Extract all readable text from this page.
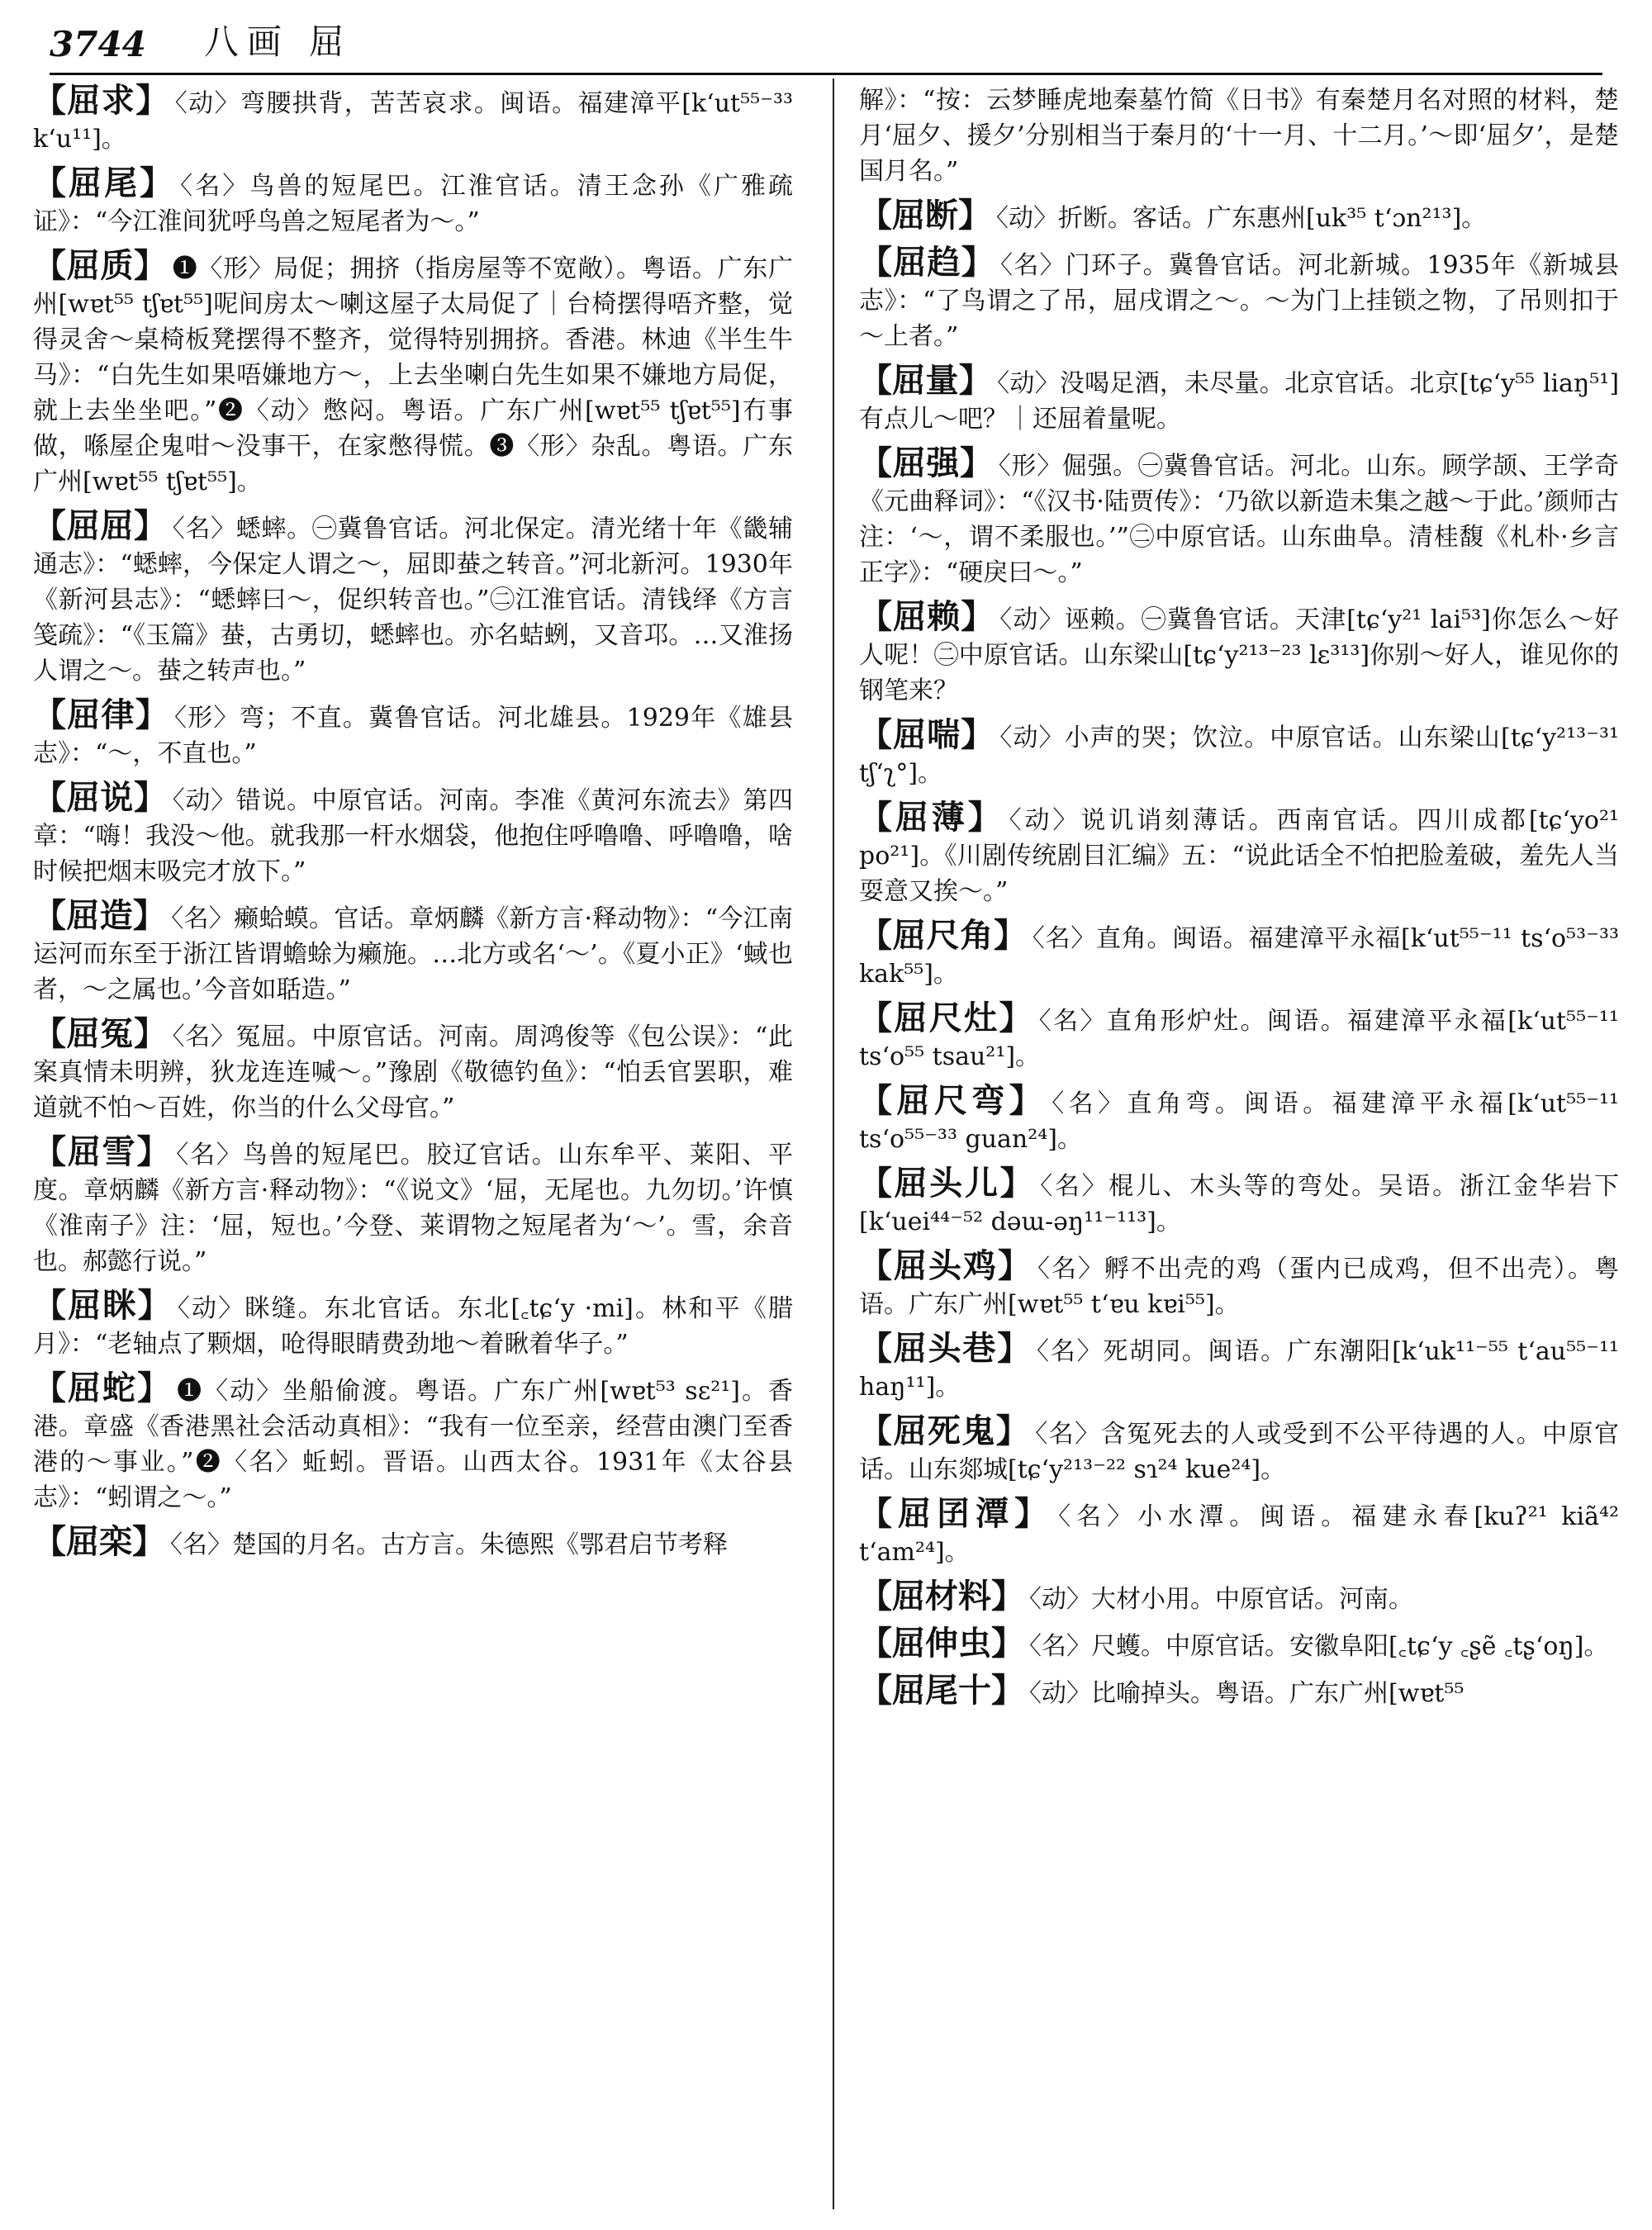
3744 八画 屈
【屈求】 〈动〉弯腰拱背，苦苦哀求。闽语。福建漳平[kʻut⁵⁵⁻³³ kʻu¹¹]。
【屈尾】 〈名〉鸟兽的短尾巴。江淮官话。清王念孙《广雅疏证》：“今江淮间犹呼鸟兽之短尾者为～。”
【屈质】 ❶〈形〉局促；拥挤（指房屋等不宽敞）。粤语。广东广州[wɐt⁵⁵ tʃɐt⁵⁵]呢间房太～喇这屋子太局促了｜台椅摆得唔齐整，觉得灵舍～桌椅板凳摆得不整齐，觉得特别拥挤。香港。林迪《半生牛马》：“白先生如果唔嫌地方～，上去坐喇白先生如果不嫌地方局促，就上去坐坐吧。”❷〈动〉憋闷。粤语。广东广州[wɐt⁵⁵ tʃɐt⁵⁵]冇事做，喺屋企鬼咁～没事干，在家憋得慌。❸〈形〉杂乱。粤语。广东广州[wɐt⁵⁵ tʃɐt⁵⁵]。
【屈屈】 〈名〉蟋蟀。㊀冀鲁官话。河北保定。清光绪十年《畿辅通志》：“蟋蟀，今保定人谓之～，屈即蛬之转音。”河北新河。1930年《新河县志》：“蟋蟀曰～，促织转音也。”㊁江淮官话。清钱绎《方言笺疏》：“《玉篇》蛬，古勇切，蟋蟀也。亦名蛣蛚，又音邛。…又淮扬人谓之～。蛬之转声也。”
【屈律】 〈形〉弯；不直。冀鲁官话。河北雄县。1929年《雄县志》：“～，不直也。”
【屈说】 〈动〉错说。中原官话。河南。李准《黄河东流去》第四章：“嗨！我没～他。就我那一杆水烟袋，他抱住呼噜噜、呼噜噜，啥时候把烟末吸完才放下。”
【屈造】 〈名〉癞蛤蟆。官话。章炳麟《新方言·释动物》：“今江南运河而东至于浙江皆谓蟾蜍为癞施。…北方或名‘～’。《夏小正》‘蜮也者，～之属也。’今音如聒造。”
【屈冤】 〈名〉冤屈。中原官话。河南。周鸿俊等《包公误》：“此案真情未明辨，狄龙连连喊～。”豫剧《敬德钓鱼》：“怕丢官罢职，难道就不怕～百姓，你当的什么父母官。”
【屈雪】 〈名〉鸟兽的短尾巴。胶辽官话。山东牟平、莱阳、平度。章炳麟《新方言·释动物》：“《说文》‘屈，无尾也。九勿切。’许慎《淮南子》注：‘屈，短也。’今登、莱谓物之短尾者为‘～’。雪，余音也。郝懿行说。”
【屈眯】 〈动〉眯缝。东北官话。东北[꜀tɕʻy ·mi]。林和平《腊月》：“老轴点了颗烟，呛得眼睛费劲地～着瞅着华子。”
【屈蛇】 ❶〈动〉坐船偷渡。粤语。广东广州[wɐt⁵³ sɛ²¹]。香港。章盛《香港黑社会活动真相》：“我有一位至亲，经营由澳门至香港的～事业。”❷〈名〉蚯蚓。晋语。山西太谷。1931年《太谷县志》：“蚓谓之～。”
【屈栾】 〈名〉楚国的月名。古方言。朱德熙《鄂君启节考释
解》：“按：云梦睡虎地秦墓竹简《日书》有秦楚月名对照的材料，楚月‘屈夕、援夕’分别相当于秦月的‘十一月、十二月。’～即‘屈夕’，是楚国月名。”
【屈断】 〈动〉折断。客话。广东惠州[uk³⁵ tʻɔn²¹³]。
【屈趋】 〈名〉门环子。冀鲁官话。河北新城。1935年《新城县志》：“了鸟谓之了吊，屈戌谓之～。～为门上挂锁之物，了吊则扣于～上者。”
【屈量】 〈动〉没喝足酒，未尽量。北京官话。北京[tɕʻy⁵⁵ liaŋ⁵¹]有点儿～吧？｜还屈着量呢。
【屈强】 〈形〉倔强。㊀冀鲁官话。河北。山东。顾学颉、王学奇《元曲释词》：“《汉书·陆贾传》：‘乃欲以新造未集之越～于此。’颜师古注：‘～，谓不柔服也。’”㊁中原官话。山东曲阜。清桂馥《札朴·乡言正字》：“硬戾曰～。”
【屈赖】 〈动〉诬赖。㊀冀鲁官话。天津[tɕʻy²¹ lai⁵³]你怎么～好人呢！㊁中原官话。山东梁山[tɕʻy²¹³⁻²³ lɛ³¹³]你别～好人，谁见你的钢笔来？
【屈喘】 〈动〉小声的哭；饮泣。中原官话。山东梁山[tɕʻy²¹³⁻³¹ tʃʻʅ°]。
【屈薄】 〈动〉说讥诮刻薄话。西南官话。四川成都[tɕʻyo²¹ po²¹]。《川剧传统剧目汇编》五：“说此话全不怕把脸羞破，羞先人当耍意又挨～。”
【屈尺角】 〈名〉直角。闽语。福建漳平永福[kʻut⁵⁵⁻¹¹ tsʻo⁵³⁻³³ kak⁵⁵]。
【屈尺灶】 〈名〉直角形炉灶。闽语。福建漳平永福[kʻut⁵⁵⁻¹¹ tsʻo⁵⁵ tsau²¹]。
【屈尺弯】 〈名〉直角弯。闽语。福建漳平永福[kʻut⁵⁵⁻¹¹ tsʻo⁵⁵⁻³³ guan²⁴]。
【屈头儿】 〈名〉棍儿、木头等的弯处。吴语。浙江金华岩下[kʻuei⁴⁴⁻⁵² dəɯ-əŋ¹¹⁻¹¹³]。
【屈头鸡】 〈名〉孵不出壳的鸡（蛋内已成鸡，但不出壳）。粤语。广东广州[wɐt⁵⁵ tʻɐu kɐi⁵⁵]。
【屈头巷】 〈名〉死胡同。闽语。广东潮阳[kʻuk¹¹⁻⁵⁵ tʻau⁵⁵⁻¹¹ haŋ¹¹]。
【屈死鬼】 〈名〉含冤死去的人或受到不公平待遇的人。中原官话。山东郯城[tɕʻy²¹³⁻²² sɿ²⁴ kue²⁴]。
【屈囝潭】 〈名〉小水潭。闽语。福建永春[kuʔ²¹ kiã⁴² tʻam²⁴]。
【屈材料】 〈动〉大材小用。中原官话。河南。
【屈伸虫】 〈名〉尺蠖。中原官话。安徽阜阳[꜀tɕʻy ꜀ʂẽ ꜀tʂʻoŋ]。
【屈尾十】 〈动〉比喻掉头。粤语。广东广州[wɐt⁵⁵
